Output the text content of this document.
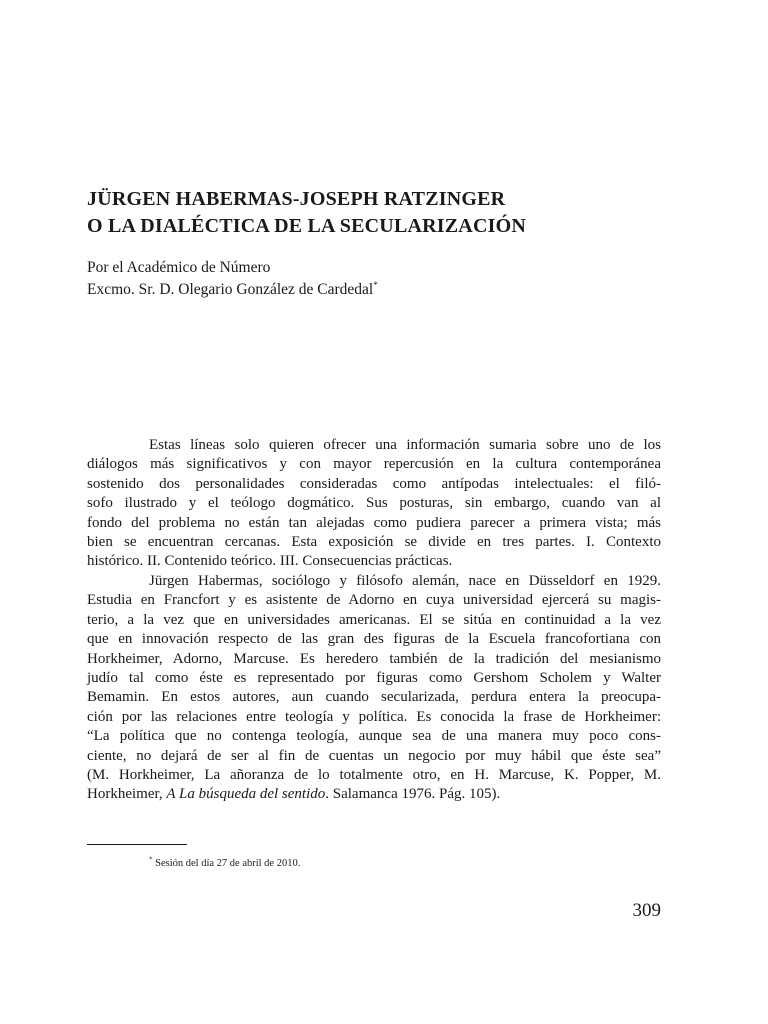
JÜRGEN HABERMAS-JOSEPH RATZINGER
O LA DIALÉCTICA DE LA SECULARIZACIÓN
Por el Académico de Número
Excmo. Sr. D. Olegario González de Cardedal*
Estas líneas solo quieren ofrecer una información sumaria sobre uno de los
diálogos más significativos y con mayor repercusión en la cultura contemporánea
sostenido dos personalidades consideradas como antípodas intelectuales: el filó-
sofo ilustrado y el teólogo dogmático. Sus posturas, sin embargo, cuando van al
fondo del problema no están tan alejadas como pudiera parecer a primera vista; más
bien se encuentran cercanas. Esta exposición se divide en tres partes. I. Contexto
histórico. II. Contenido teórico. III. Consecuencias prácticas.
Jürgen Habermas, sociólogo y filósofo alemán, nace en Düsseldorf en 1929.
Estudia en Francfort y es asistente de Adorno en cuya universidad ejercerá su magis-
terio, a la vez que en universidades americanas. El se sitúa en continuidad a la vez
que en innovación respecto de las gran des figuras de la Escuela francofortiana con
Horkheimer, Adorno, Marcuse. Es heredero también de la tradición del mesianismo
judío tal como éste es representado por figuras como Gershom Scholem y Walter
Bemamin. En estos autores, aun cuando secularizada, perdura entera la preocupa-
ción por las relaciones entre teología y política. Es conocida la frase de Horkheimer:
“La política que no contenga teología, aunque sea de una manera muy poco cons-
ciente, no dejará de ser al fin de cuentas un negocio por muy hábil que éste sea”
(M. Horkheimer, La añoranza de lo totalmente otro, en H. Marcuse, K. Popper, M.
Horkheimer, A La búsqueda del sentido. Salamanca 1976. Pág. 105).

* Sesión del día 27 de abril de 2010.

309
